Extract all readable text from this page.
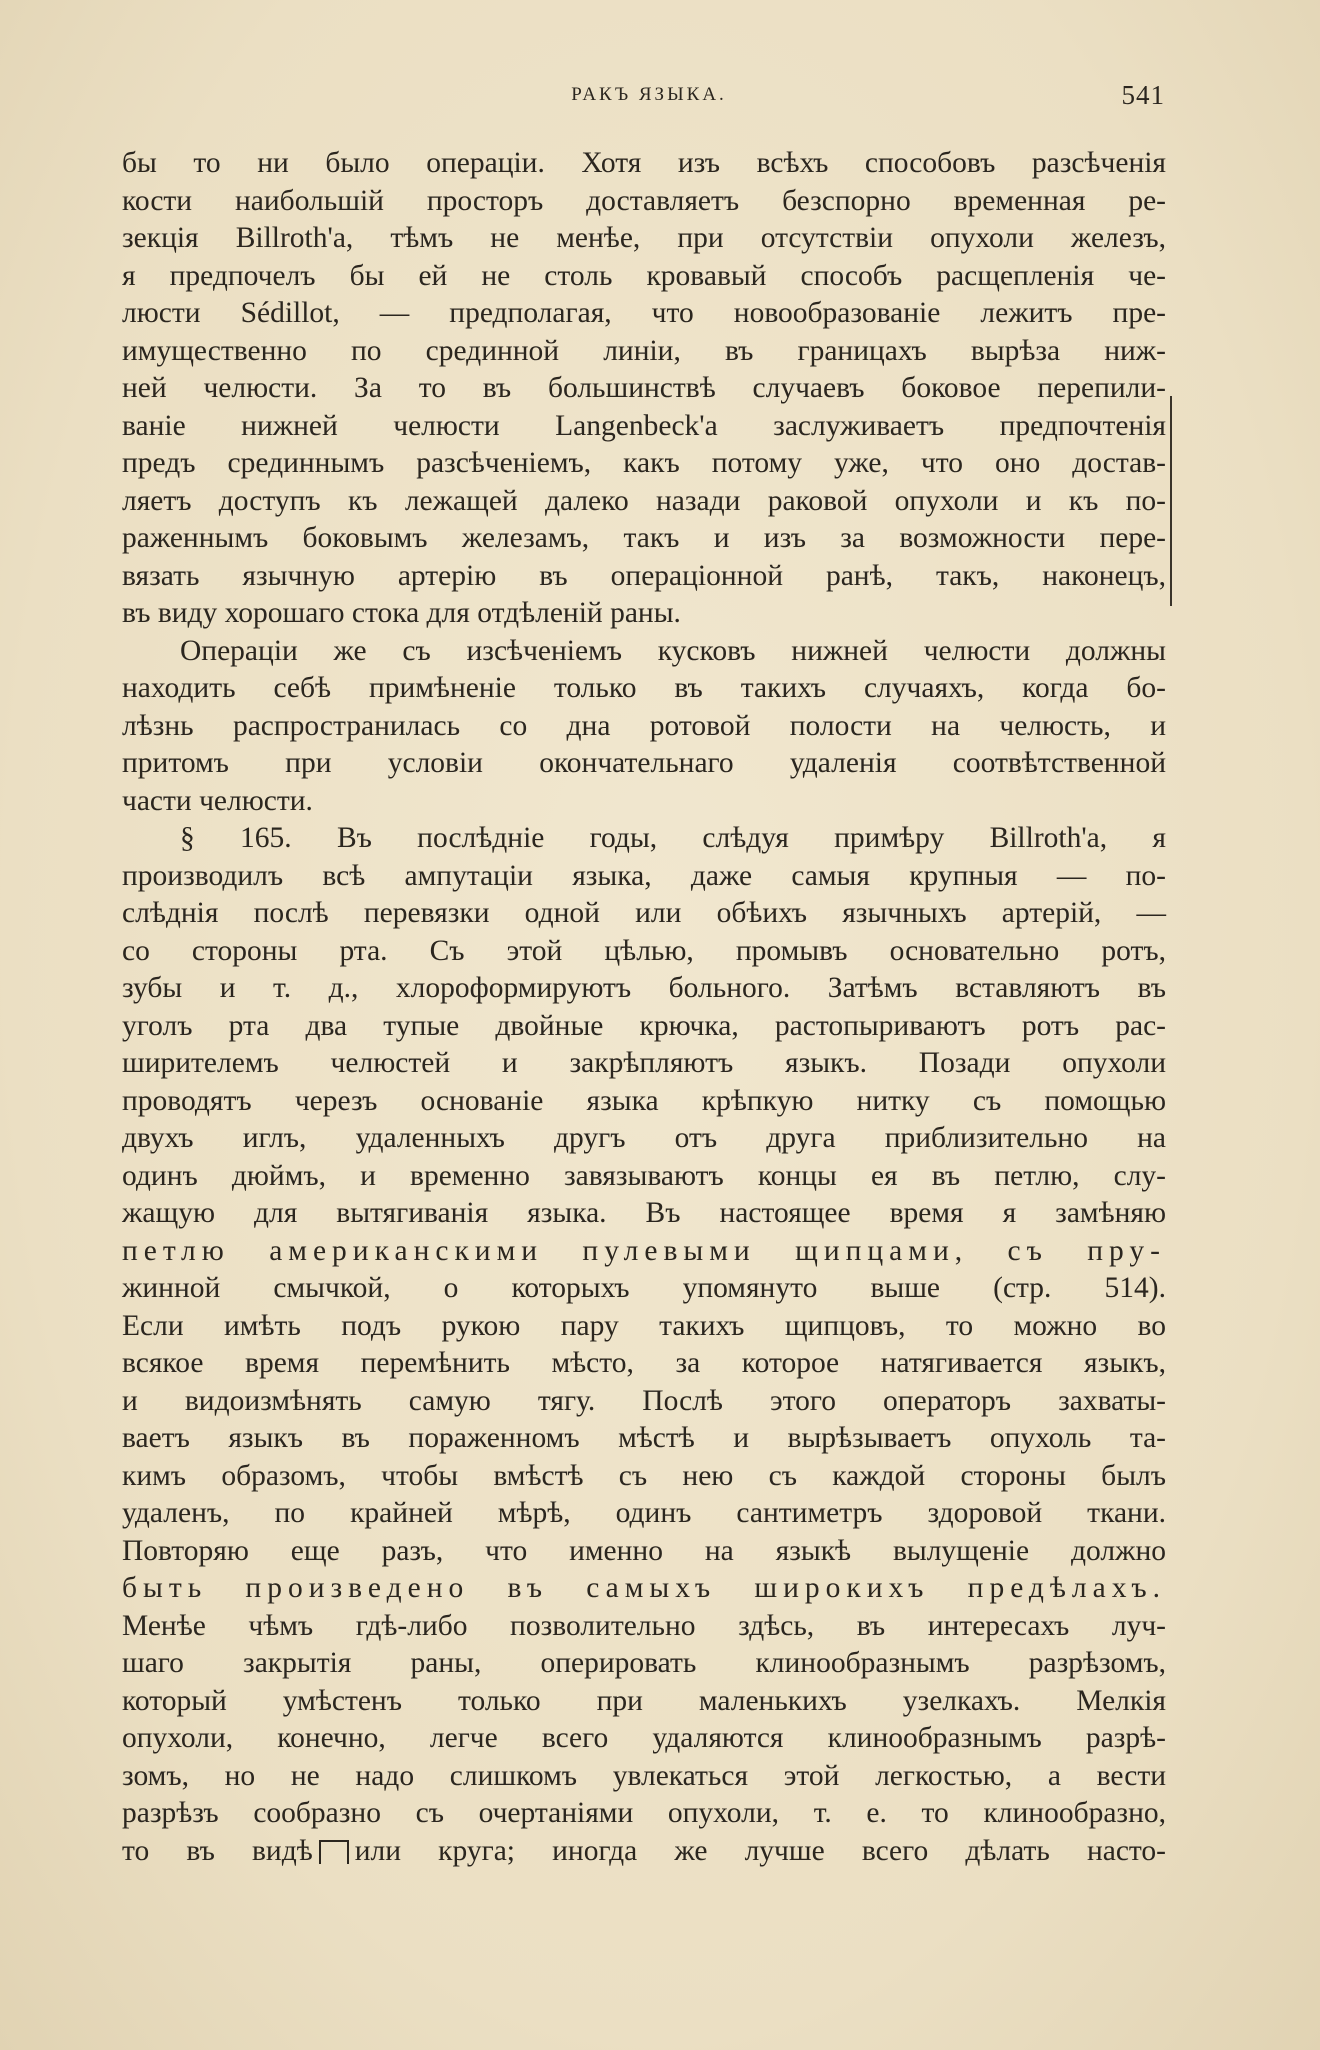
РАКЪ ЯЗЫКА.	541
бы то ни было операціи. Хотя изъ всѣхъ способовъ разсѣченія
кости наибольшій просторъ доставляетъ безспорно временная ре-
зекція Billroth'а, тѣмъ не менѣе, при отсутствіи опухоли железъ,
я предпочелъ бы ей не столь кровавый способъ расщепленія че-
люсти Sédillot, — предполагая, что новообразованіе лежитъ пре-
имущественно по срединной линіи, въ границахъ вырѣза ниж-
ней челюсти. За то въ большинствѣ случаевъ боковое перепили-
ваніе нижней челюсти Langenbeck'а заслуживаетъ предпочтенія
предъ срединнымъ разсѣченіемъ, какъ потому уже, что оно достав-
ляетъ доступъ къ лежащей далеко назади раковой опухоли и къ по-
раженнымъ боковымъ железамъ, такъ и изъ за возможности пере-
вязать язычную артерію въ операціонной ранѣ, такъ, наконецъ,
въ виду хорошаго стока для отдѣленій раны.
Операціи же съ изсѣченіемъ кусковъ нижней челюсти должны
находить себѣ примѣненіе только въ такихъ случаяхъ, когда бо-
лѣзнь распространилась со дна ротовой полости на челюсть, и
притомъ при условіи окончательнаго удаленія соотвѣтственной
части челюсти.
§ 165. Въ послѣдніе годы, слѣдуя примѣру Billroth'а, я
производилъ всѣ ампутаціи языка, даже самыя крупныя — по-
слѣднія послѣ перевязки одной или обѣихъ язычныхъ артерій, —
со стороны рта. Съ этой цѣлью, промывъ основательно ротъ,
зубы и т. д., хлороформируютъ больного. Затѣмъ вставляютъ въ
уголъ рта два тупые двойные крючка, растопыриваютъ ротъ рас-
ширителемъ челюстей и закрѣпляютъ языкъ. Позади опухоли
проводятъ черезъ основаніе языка крѣпкую нитку съ помощью
двухъ иглъ, удаленныхъ другъ отъ друга приблизительно на
одинъ дюймъ, и временно завязываютъ концы ея въ петлю, слу-
жащую для вытягиванія языка. Въ настоящее время я замѣняю
петлю американскими пулевыми щипцами, съ пру-
жинной смычкой, о которыхъ упомянуто выше (стр. 514).
Если имѣть подъ рукою пару такихъ щипцовъ, то можно во
всякое время перемѣнить мѣсто, за которое натягивается языкъ,
и видоизмѣнять самую тягу. Послѣ этого операторъ захваты-
ваетъ языкъ въ пораженномъ мѣстѣ и вырѣзываетъ опухоль та-
кимъ образомъ, чтобы вмѣстѣ съ нею съ каждой стороны былъ
удаленъ, по крайней мѣрѣ, одинъ сантиметръ здоровой ткани.
Повторяю еще разъ, что именно на языкѣ вылущеніе должно
быть произведено въ самыхъ широкихъ предѣлахъ.
Менѣе чѣмъ гдѣ-либо позволительно здѣсь, въ интересахъ луч-
шаго закрытія раны, оперировать клинообразнымъ разрѣзомъ,
который умѣстенъ только при маленькихъ узелкахъ. Мелкія
опухоли, конечно, легче всего удаляются клинообразнымъ разрѣ-
зомъ, но не надо слишкомъ увлекаться этой легкостью, а вести
разрѣзъ сообразно съ очертаніями опухоли, т. е. то клинообразно,
то въ видѣ или круга; иногда же лучше всего дѣлать насто-
